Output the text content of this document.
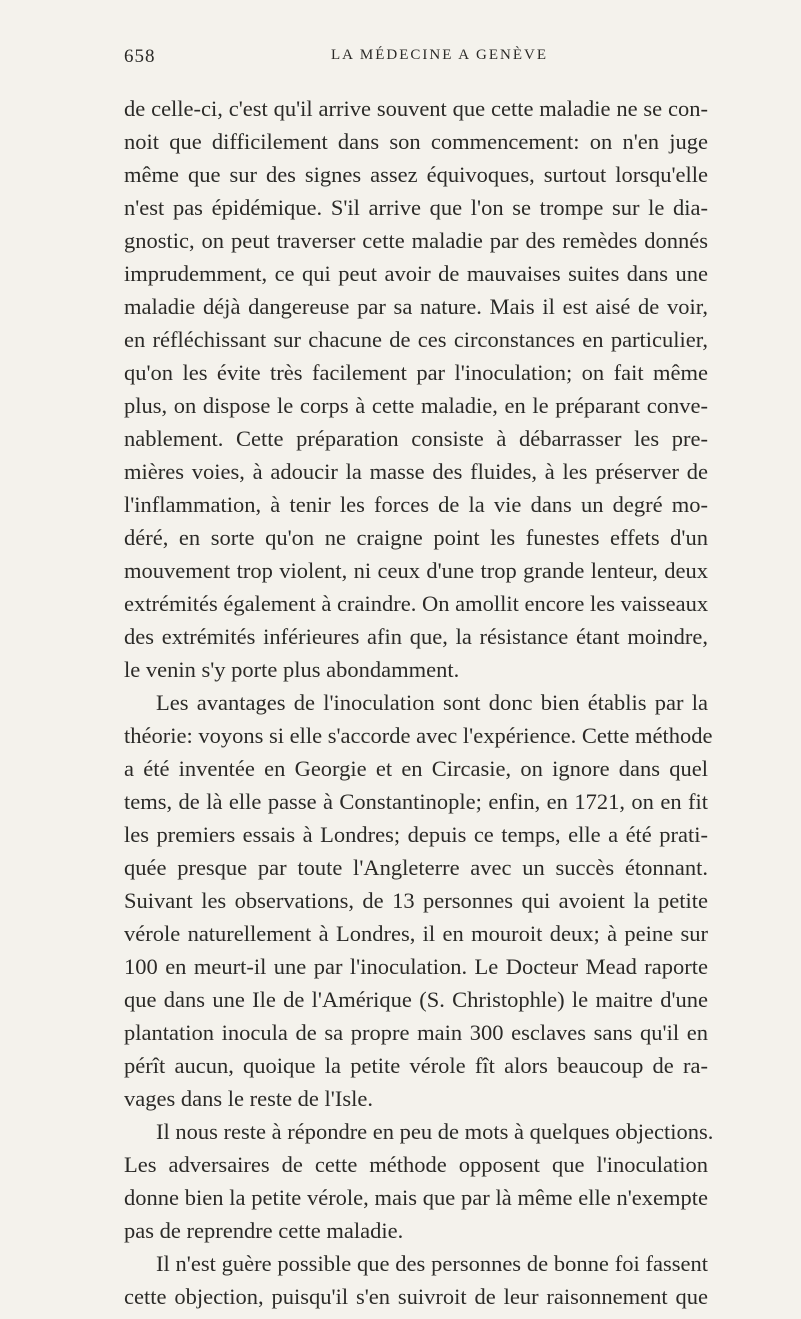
658	LA MÉDECINE A GENÈVE
de celle-ci, c'est qu'il arrive souvent que cette maladie ne se con-
noit que difficilement dans son commencement: on n'en juge
même que sur des signes assez équivoques, surtout lorsqu'elle
n'est pas épidémique. S'il arrive que l'on se trompe sur le dia-
gnostic, on peut traverser cette maladie par des remèdes donnés
imprudemment, ce qui peut avoir de mauvaises suites dans une
maladie déjà dangereuse par sa nature. Mais il est aisé de voir,
en réfléchissant sur chacune de ces circonstances en particulier,
qu'on les évite très facilement par l'inoculation; on fait même
plus, on dispose le corps à cette maladie, en le préparant conve-
nablement. Cette préparation consiste à débarrasser les pre-
mières voies, à adoucir la masse des fluides, à les préserver de
l'inflammation, à tenir les forces de la vie dans un degré mo-
déré, en sorte qu'on ne craigne point les funestes effets d'un
mouvement trop violent, ni ceux d'une trop grande lenteur, deux
extrémités également à craindre. On amollit encore les vaisseaux
des extrémités inférieures afin que, la résistance étant moindre,
le venin s'y porte plus abondamment.
Les avantages de l'inoculation sont donc bien établis par la
théorie: voyons si elle s'accorde avec l'expérience. Cette méthode
a été inventée en Georgie et en Circasie, on ignore dans quel
tems, de là elle passe à Constantinople; enfin, en 1721, on en fit
les premiers essais à Londres; depuis ce temps, elle a été prati-
quée presque par toute l'Angleterre avec un succès étonnant.
Suivant les observations, de 13 personnes qui avoient la petite
vérole naturellement à Londres, il en mouroit deux; à peine sur
100 en meurt-il une par l'inoculation. Le Docteur Mead raporte
que dans une Ile de l'Amérique (S. Christophle) le maitre d'une
plantation inocula de sa propre main 300 esclaves sans qu'il en
pérît aucun, quoique la petite vérole fît alors beaucoup de ra-
vages dans le reste de l'Isle.
Il nous reste à répondre en peu de mots à quelques objections.
Les adversaires de cette méthode opposent que l'inoculation
donne bien la petite vérole, mais que par là même elle n'exempte
pas de reprendre cette maladie.
Il n'est guère possible que des personnes de bonne foi fassent
cette objection, puisqu'il s'en suivroit de leur raisonnement que
